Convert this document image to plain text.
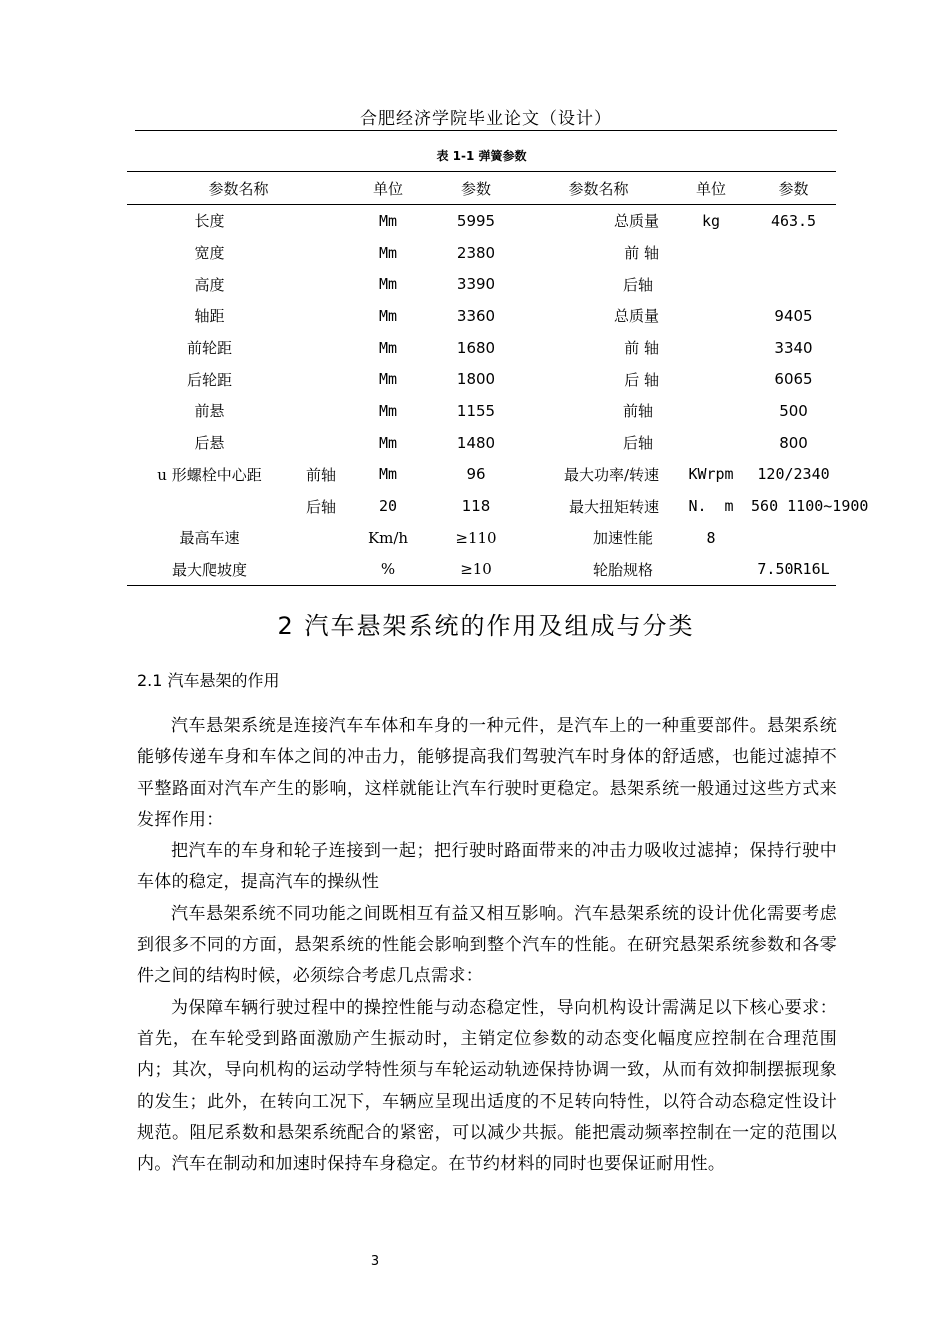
合肥经济学院毕业论文（设计）
表 1-1 弹簧参数
参数名称		单位	参数	参数名称	单位	参数
长度		Mm	5995	总质量	kg	463.5
宽度		Mm	2380	前 轴		
高度		Mm	3390	后轴		
轴距		Mm	3360	总质量		9405
前轮距		Mm	1680	前 轴		3340
后轮距		Mm	1800	后 轴		6065
前悬		Mm	1155	前轴		500
后悬		Mm	1480	后轴		800
u 形螺栓中心距	前轴	Mm	96	最大功率/转速	KWrpm	120/2340
	后轴	20	118	最大扭矩转速	N.  m	560 1100~1900
最高车速		Km/h	≥110	加速性能	8	
最大爬坡度		%	≥10	轮胎规格		7.50R16L
2 汽车悬架系统的作用及组成与分类
2.1 汽车悬架的作用

汽车悬架系统是连接汽车车体和车身的一种元件，是汽车上的一种重要部件。悬架系统能够传递车身和车体之间的冲击力，能够提高我们驾驶汽车时身体的舒适感，也能过滤掉不平整路面对汽车产生的影响，这样就能让汽车行驶时更稳定。悬架系统一般通过这些方式来发挥作用：

把汽车的车身和轮子连接到一起；把行驶时路面带来的冲击力吸收过滤掉；保持行驶中车体的稳定，提高汽车的操纵性

汽车悬架系统不同功能之间既相互有益又相互影响。汽车悬架系统的设计优化需要考虑到很多不同的方面，悬架系统的性能会影响到整个汽车的性能。在研究悬架系统参数和各零件之间的结构时候，必须综合考虑几点需求：

为保障车辆行驶过程中的操控性能与动态稳定性，导向机构设计需满足以下核心要求：首先，在车轮受到路面激励产生振动时，主销定位参数的动态变化幅度应控制在合理范围内；其次，导向机构的运动学特性须与车轮运动轨迹保持协调一致，从而有效抑制摆振现象的发生；此外，在转向工况下，车辆应呈现出适度的不足转向特性，以符合动态稳定性设计规范。阻尼系数和悬架系统配合的紧密，可以减少共振。能把震动频率控制在一定的范围以内。汽车在制动和加速时保持车身稳定。在节约材料的同时也要保证耐用性。

3
